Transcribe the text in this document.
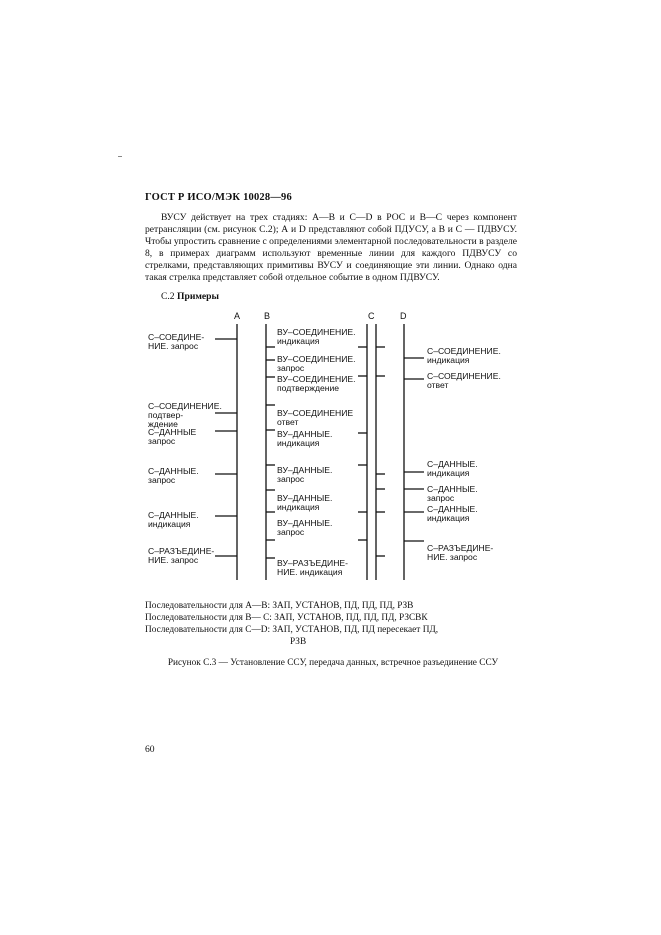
ГОСТ Р ИСО/МЭК 10028—96
ВУСУ действует на трех стадиях: А—В и С—D в РОС и В—С через компонент ретрансляции (см. рисунок С.2); А и D представляют собой ПДУСУ, а В и С — ПДВУСУ. Чтобы упростить сравнение с определениями элементарной последовательности в разделе 8, в примерах диаграмм используют временные линии для каждого ПДВУСУ со стрелками, представляющих примитивы ВУСУ и соединяющие эти линии. Однако одна такая стрелка представляет собой отдельное событие в одном ПДВУСУ.
С.2 Примеры
А	В	С	D
С–СОЕДИНЕ-
НИЕ. запрос
С–СОЕДИНЕНИЕ.
подтвер-
ждение
С–ДАННЫЕ
запрос
С–ДАННЫЕ.
запрос
С–ДАННЫЕ.
индикация
С–РАЗЪЕДИНЕ-
НИЕ. запрос
ВУ–СОЕДИНЕНИЕ.
индикация
ВУ–СОЕДИНЕНИЕ.
запрос
ВУ–СОЕДИНЕНИЕ.
подтверждение
ВУ–СОЕДИНЕНИЕ
ответ
ВУ–ДАННЫЕ.
индикация
ВУ–ДАННЫЕ.
запрос
ВУ–ДАННЫЕ.
индикация
ВУ–ДАННЫЕ.
запрос
ВУ–РАЗЪЕДИНЕ-
НИЕ. индикация
С–СОЕДИНЕНИЕ.
индикация
С–СОЕДИНЕНИЕ.
ответ
С–ДАННЫЕ.
индикация
С–ДАННЫЕ.
запрос
С–ДАННЫЕ.
индикация
С–РАЗЪЕДИНЕ-
НИЕ. запрос
Последовательности для А—В: ЗАП, УСТАНОВ, ПД, ПД, ПД, РЗВ
Последовательности для В— С: ЗАП, УСТАНОВ, ПД, ПД, ПД, РЗСВК
Последовательности для С—D: ЗАП, УСТАНОВ, ПД, ПД пересекает ПД,
РЗВ
Рисунок С.3 — Установление ССУ, передача данных, встречное разъединение ССУ
60
